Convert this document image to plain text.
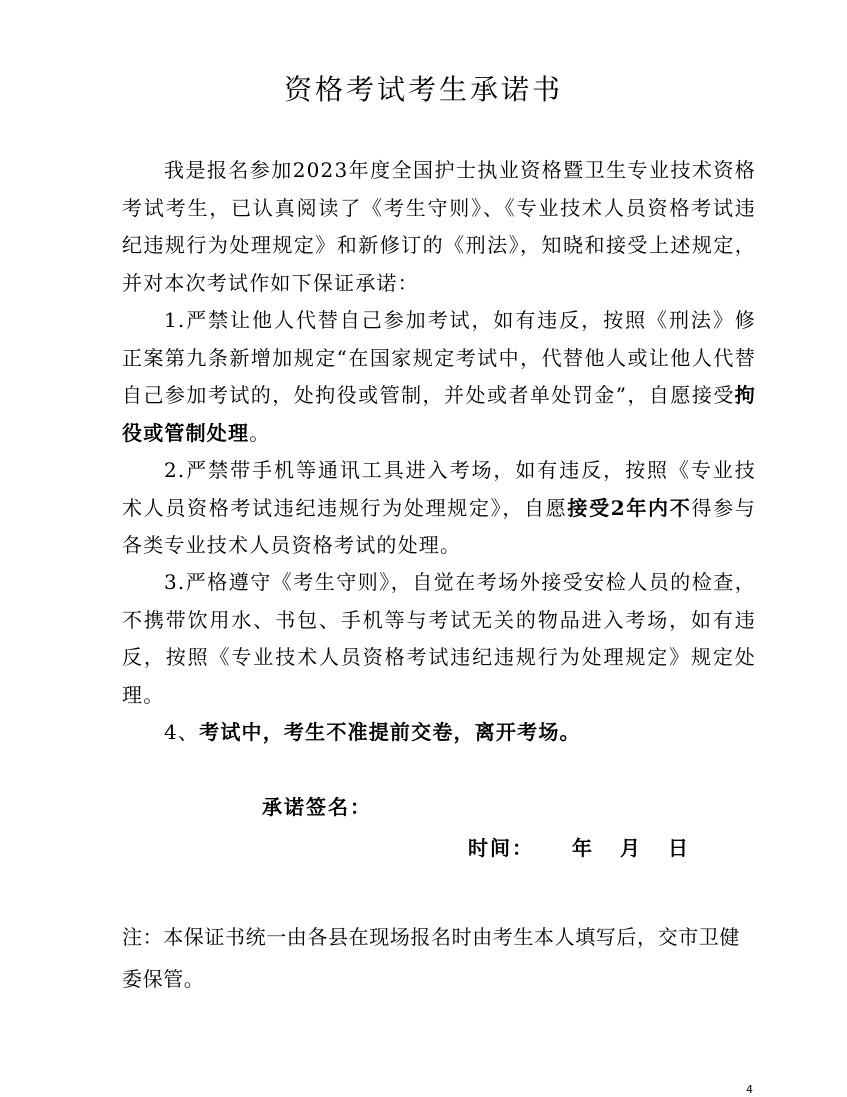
资格考试考生承诺书

我是报名参加2023年度全国护士执业资格暨卫生专业技术资格考试考生，已认真阅读了《考生守则》、《专业技术人员资格考试违纪违规行为处理规定》和新修订的《刑法》，知晓和接受上述规定，并对本次考试作如下保证承诺：

1.严禁让他人代替自己参加考试，如有违反，按照《刑法》修正案第九条新增加规定“在国家规定考试中，代替他人或让他人代替自己参加考试的，处拘役或管制，并处或者单处罚金”，自愿接受拘役或管制处理。

2.严禁带手机等通讯工具进入考场，如有违反，按照《专业技术人员资格考试违纪违规行为处理规定》，自愿接受2年内不得参与各类专业技术人员资格考试的处理。

3.严格遵守《考生守则》，自觉在考场外接受安检人员的检查，不携带饮用水、书包、手机等与考试无关的物品进入考场，如有违反，按照《专业技术人员资格考试违纪违规行为处理规定》规定处理。

4、考试中，考生不准提前交卷，离开考场。

承诺签名：
时间：	年	月	日
注：本保证书统一由各县在现场报名时由考生本人填写后，交市卫健委保管。
4
